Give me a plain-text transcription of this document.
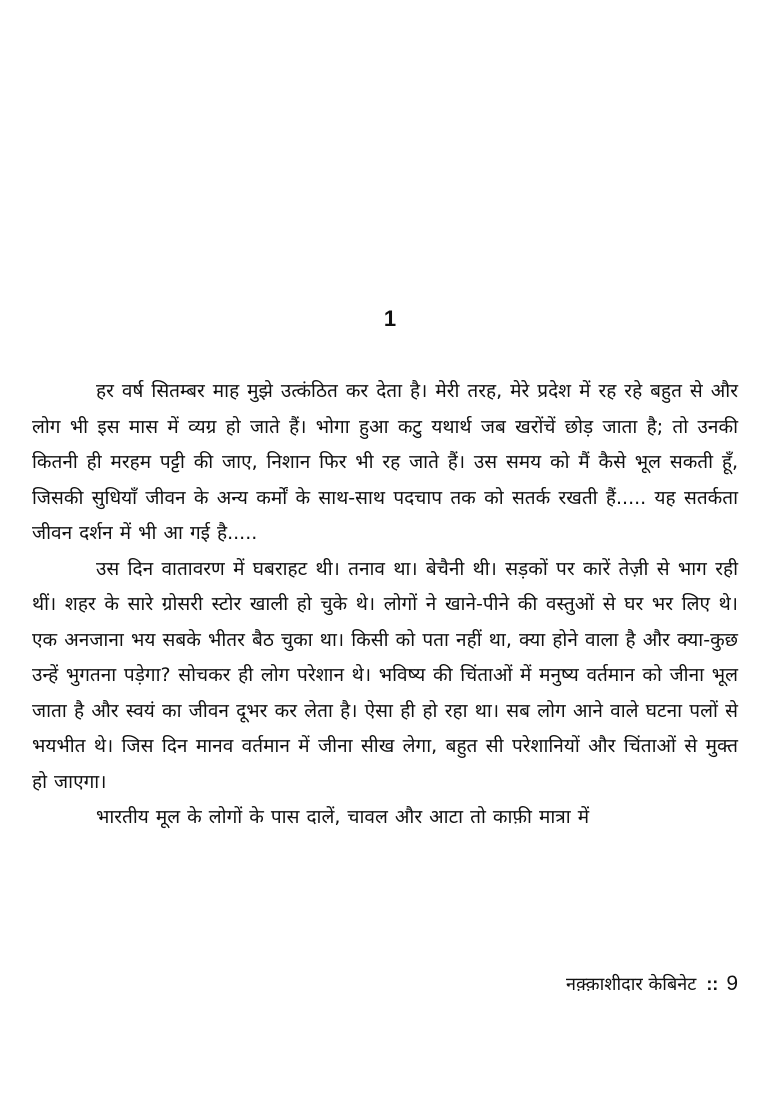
1

हर वर्ष सितम्बर माह मुझे उत्कंठित कर देता है। मेरी तरह, मेरे प्रदेश में रह रहे बहुत से और लोग भी इस मास में व्यग्र हो जाते हैं। भोगा हुआ कटु यथार्थ जब खरोंचें छोड़ जाता है; तो उनकी कितनी ही मरहम पट्टी की जाए, निशान फिर भी रह जाते हैं। उस समय को मैं कैसे भूल सकती हूँ, जिसकी सुधियाँ जीवन के अन्य कर्मों के साथ-साथ पदचाप तक को सतर्क रखती हैं..... यह सतर्कता जीवन दर्शन में भी आ गई है.....

उस दिन वातावरण में घबराहट थी। तनाव था। बेचैनी थी। सड़कों पर कारें तेज़ी से भाग रही थीं। शहर के सारे ग्रोसरी स्टोर खाली हो चुके थे। लोगों ने खाने-पीने की वस्तुओं से घर भर लिए थे। एक अनजाना भय सबके भीतर बैठ चुका था। किसी को पता नहीं था, क्या होने वाला है और क्या-कुछ उन्हें भुगतना पड़ेगा? सोचकर ही लोग परेशान थे। भविष्य की चिंताओं में मनुष्य वर्तमान को जीना भूल जाता है और स्वयं का जीवन दूभर कर लेता है। ऐसा ही हो रहा था। सब लोग आने वाले घटना पलों से भयभीत थे। जिस दिन मानव वर्तमान में जीना सीख लेगा, बहुत सी परेशानियों और चिंताओं से मुक्त हो जाएगा।

भारतीय मूल के लोगों के पास दालें, चावल और आटा तो काफ़ी मात्रा में

नक़्क़ाशीदार केबिनेट :: 9
